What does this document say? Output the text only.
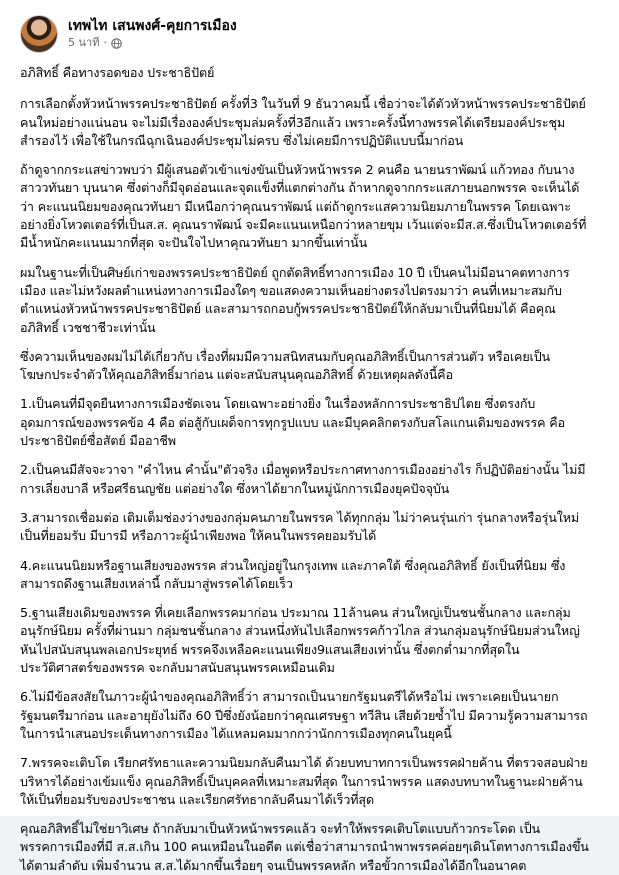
เทพไท เสนพงศ์-คุยการเมือง
5 นาที ·

อภิสิทธิ์ คือทางรอดของ ประชาธิปัตย์

การเลือกตั้งหัวหน้าพรรคประชาธิปัตย์ ครั้งที่3 ในวันที่ 9 ธันวาคมนี้ เชื่อว่าจะได้ตัวหัวหน้าพรรคประชาธิปัตย์
คนใหม่อย่างแน่นอน จะไม่มีเรื่ององค์ประชุมล่มครั้งที่3อีกแล้ว เพราะครั้งนี้ทางพรรคได้เตรียมองค์ประชุม
สำรองไว้ เพื่อใช้ในกรณีฉุกเฉินองค์ประชุมไม่ครบ ซึ่งไม่เคยมีการปฏิบัติแบบนี้มาก่อน

ถ้าดูจากกระแสข่าวพบว่า มีผู้เสนอตัวเข้าแข่งขันเป็นหัวหน้าพรรค 2 คนคือ นายนราพัฒน์ แก้วทอง กับนาง
สาววทันยา บุนนาค ซึ่งต่างก็มีจุดอ่อนและจุดแข็งที่แตกต่างกัน ถ้าหากดูจากกระแสภายนอกพรรค จะเห็นได้
ว่า คะแนนนิยมของคุณวทันยา มีเหนือกว่าคุณนราพัฒน์ แต่ถ้าดูกระแสความนิยมภายในพรรค โดยเฉพาะ
อย่างยิ่งโหวตเตอร์ที่เป็นส.ส. คุณนราพัฒน์ จะมีคะแนนเหนือกว่าหลายขุม เว้นแต่จะมีส.ส.ซึ่งเป็นโหวตเตอร์ที่
มีน้ำหนักคะแนนมากที่สุด จะปันใจไปหาคุณวทันยา มากขึ้นเท่านั้น

ผมในฐานะที่เป็นศิษย์เก่าของพรรคประชาธิปัตย์ ถูกตัดสิทธิ์ทางการเมือง 10 ปี เป็นคนไม่มีอนาคตทางการ
เมือง และไม่หวังผลตำแหน่งทางการเมืองใดๆ ขอแสดงความเห็นอย่างตรงไปตรงมาว่า คนที่เหมาะสมกับ
ตำแหน่งหัวหน้าพรรคประชาธิปัตย์ และสามารถกอบกู้พรรคประชาธิปัตย์ให้กลับมาเป็นที่นิยมได้ คือคุณ
อภิสิทธิ์ เวชชาชีวะเท่านั้น

ซึ่งความเห็นของผมไม่ได้เกี่ยวกับ เรื่องที่ผมมีความสนิทสนมกับคุณอภิสิทธิ์เป็นการส่วนตัว หรือเคยเป็น
โฆษกประจำตัวให้คุณอภิสิทธิ์มาก่อน แต่จะสนับสนุนคุณอภิสิทธิ์ ด้วยเหตุผลดังนี้คือ

1.เป็นคนที่มีจุดยืนทางการเมืองชัดเจน โดยเฉพาะอย่างยิ่ง ในเรื่องหลักการประชาธิปไตย ซึ่งตรงกับ
อุดมการณ์ของพรรคข้อ 4 คือ ต่อสู้กับเผด็จการทุกรูปแบบ และมีบุคคลิกตรงกับสโลแกนเดิมของพรรค คือ
ประชาธิปัตย์ซื่อสัตย์ มืออาชีพ

2.เป็นคนมีสัจจะวาจา "คำไหน คำนั้น"ตัวจริง เมื่อพูดหรือประกาศทางการเมืองอย่างไร ก็ปฏิบัติอย่างนั้น ไม่มี
การเลี่ยงบาลี หรือศรีธนญชัย แต่อย่างใด ซึ่งหาได้ยากในหมู่นักการเมืองยุคปัจจุบัน

3.สามารถเชื่อมต่อ เติมเต็มช่องว่างของกลุ่มคนภายในพรรค ได้ทุกกลุ่ม ไม่ว่าคนรุ่นเก่า รุ่นกลางหรือรุ่นใหม่
เป็นที่ยอมรับ มีบารมี หรือภาวะผู้นำเพียงพอ ให้คนในพรรคยอมรับได้

4.คะแนนนิยมหรือฐานเสียงของพรรค ส่วนใหญ่อยู่ในกรุงเทพ และภาคใต้ ซึ่งคุณอภิสิทธิ์ ยังเป็นที่นิยม ซึ่ง
สามารถดึงฐานเสียงเหล่านี้ กลับมาสู่พรรคได้โดยเร็ว

5.ฐานเสียงเดิมของพรรค ที่เคยเลือกพรรคมาก่อน ประมาณ 11ล้านคน ส่วนใหญ่เป็นชนชั้นกลาง และกลุ่ม
อนุรักษ์นิยม ครั้งที่ผ่านมา กลุ่มชนชั้นกลาง ส่วนหนึ่งหันไปเลือกพรรคก้าวไกล ส่วนกลุ่มอนุรักษ์นิยมส่วนใหญ่
หันไปสนับสนุนพลเอกประยุทธ์ พรรคจึงเหลือคะแนนเพียง9แสนเสียงเท่านั้น ซึ่งตกต่ำมากที่สุดใน
ประวัติศาสตร์ของพรรค จะกลับมาสนับสนุนพรรคเหมือนเดิม

6.ไม่มีข้อสงสัยในภาวะผู้นำของคุณอภิสิทธิ์ว่า สามารถเป็นนายกรัฐมนตรีได้หรือไม่ เพราะเคยเป็นนายก
รัฐมนตรีมาก่อน และอายุยังไม่ถึง 60 ปีซึ่งยังน้อยกว่าคุณเศรษฐา ทวีสิน เสียด้วยซ้ำไป มีความรู้ความสามารถ
ในการนำเสนอประเด็นทางการเมือง ได้แหลมคมมากกว่านักการเมืองทุกคนในยุคนี้

7.พรรคจะเติบโต เรียกศรัทธาและความนิยมกลับคืนมาได้ ด้วยบทบาทการเป็นพรรคฝ่ายค้าน ที่ตรวจสอบฝ่าย
บริหารได้อย่างเข้มแข็ง คุณอภิสิทธิ์เป็นบุคคลที่เหมาะสมที่สุด ในการนำพรรค แสดงบทบาทในฐานะฝ่ายค้าน
ให้เป็นที่ยอมรับของประชาชน และเรียกศรัทธากลับคืนมาได้เร็วที่สุด

คุณอภิสิทธิ์ไม่ใช่ยาวิเศษ ถ้ากลับมาเป็นหัวหน้าพรรคแล้ว จะทำให้พรรคเติบโตแบบก้าวกระโดด เป็น
พรรคการเมืองที่มี ส.ส.เกิน 100 คนเหมือนในอดีต แต่เชื่อว่าสามารถนำพาพรรคค่อยๆเดินโตทางการเมืองขึ้น
ได้ตามลำดับ เพิ่มจำนวน ส.ส.ได้มากขึ้นเรื่อยๆ จนเป็นพรรคหลัก หรือขั้วการเมืองได้อีกในอนาคต
